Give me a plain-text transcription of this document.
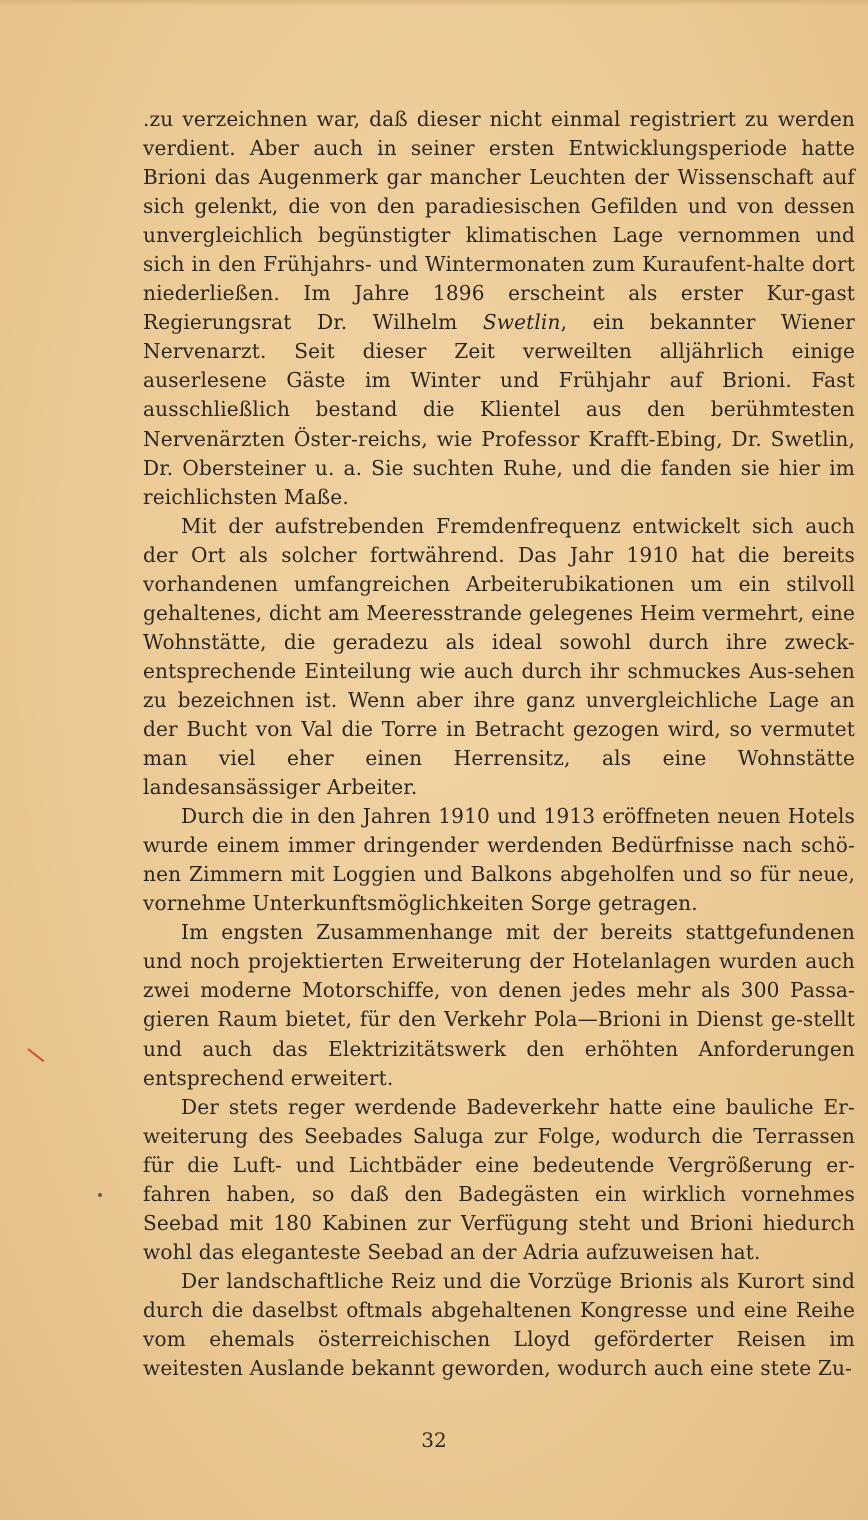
.zu verzeichnen war, daß dieser nicht einmal registriert zu werden verdient. Aber auch in seiner ersten Entwicklungsperiode hatte Brioni das Augenmerk gar mancher Leuchten der Wissenschaft auf sich gelenkt, die von den paradiesischen Gefilden und von dessen unvergleichlich begünstigter klimatischen Lage vernommen und sich in den Frühjahrs- und Wintermonaten zum Kuraufent-halte dort niederließen. Im Jahre 1896 erscheint als erster Kur-gast Regierungsrat Dr. Wilhelm Swetlin, ein bekannter Wiener Nervenarzt. Seit dieser Zeit verweilten alljährlich einige auserlesene Gäste im Winter und Frühjahr auf Brioni. Fast ausschließlich bestand die Klientel aus den berühmtesten Nervenärzten Öster-reichs, wie Professor Krafft-Ebing, Dr. Swetlin, Dr. Obersteiner u. a. Sie suchten Ruhe, und die fanden sie hier im reichlichsten Maße.

Mit der aufstrebenden Fremdenfrequenz entwickelt sich auch der Ort als solcher fortwährend. Das Jahr 1910 hat die bereits vorhandenen umfangreichen Arbeiterubikationen um ein stilvoll gehaltenes, dicht am Meeresstrande gelegenes Heim vermehrt, eine Wohnstätte, die geradezu als ideal sowohl durch ihre zweck-entsprechende Einteilung wie auch durch ihr schmuckes Aus-sehen zu bezeichnen ist. Wenn aber ihre ganz unvergleichliche Lage an der Bucht von Val die Torre in Betracht gezogen wird, so vermutet man viel eher einen Herrensitz, als eine Wohnstätte landesansässiger Arbeiter.

Durch die in den Jahren 1910 und 1913 eröffneten neuen Hotels wurde einem immer dringender werdenden Bedürfnisse nach schö-nen Zimmern mit Loggien und Balkons abgeholfen und so für neue, vornehme Unterkunftsmöglichkeiten Sorge getragen.

Im engsten Zusammenhange mit der bereits stattgefundenen und noch projektierten Erweiterung der Hotelanlagen wurden auch zwei moderne Motorschiffe, von denen jedes mehr als 300 Passa-gieren Raum bietet, für den Verkehr Pola—Brioni in Dienst ge-stellt und auch das Elektrizitätswerk den erhöhten Anforderungen entsprechend erweitert.

Der stets reger werdende Badeverkehr hatte eine bauliche Er-weiterung des Seebades Saluga zur Folge, wodurch die Terrassen für die Luft- und Lichtbäder eine bedeutende Vergrößerung er-fahren haben, so daß den Badegästen ein wirklich vornehmes Seebad mit 180 Kabinen zur Verfügung steht und Brioni hiedurch wohl das eleganteste Seebad an der Adria aufzuweisen hat.

Der landschaftliche Reiz und die Vorzüge Brionis als Kurort sind durch die daselbst oftmals abgehaltenen Kongresse und eine Reihe vom ehemals österreichischen Lloyd geförderter Reisen im weitesten Auslande bekannt geworden, wodurch auch eine stete Zu-

32
